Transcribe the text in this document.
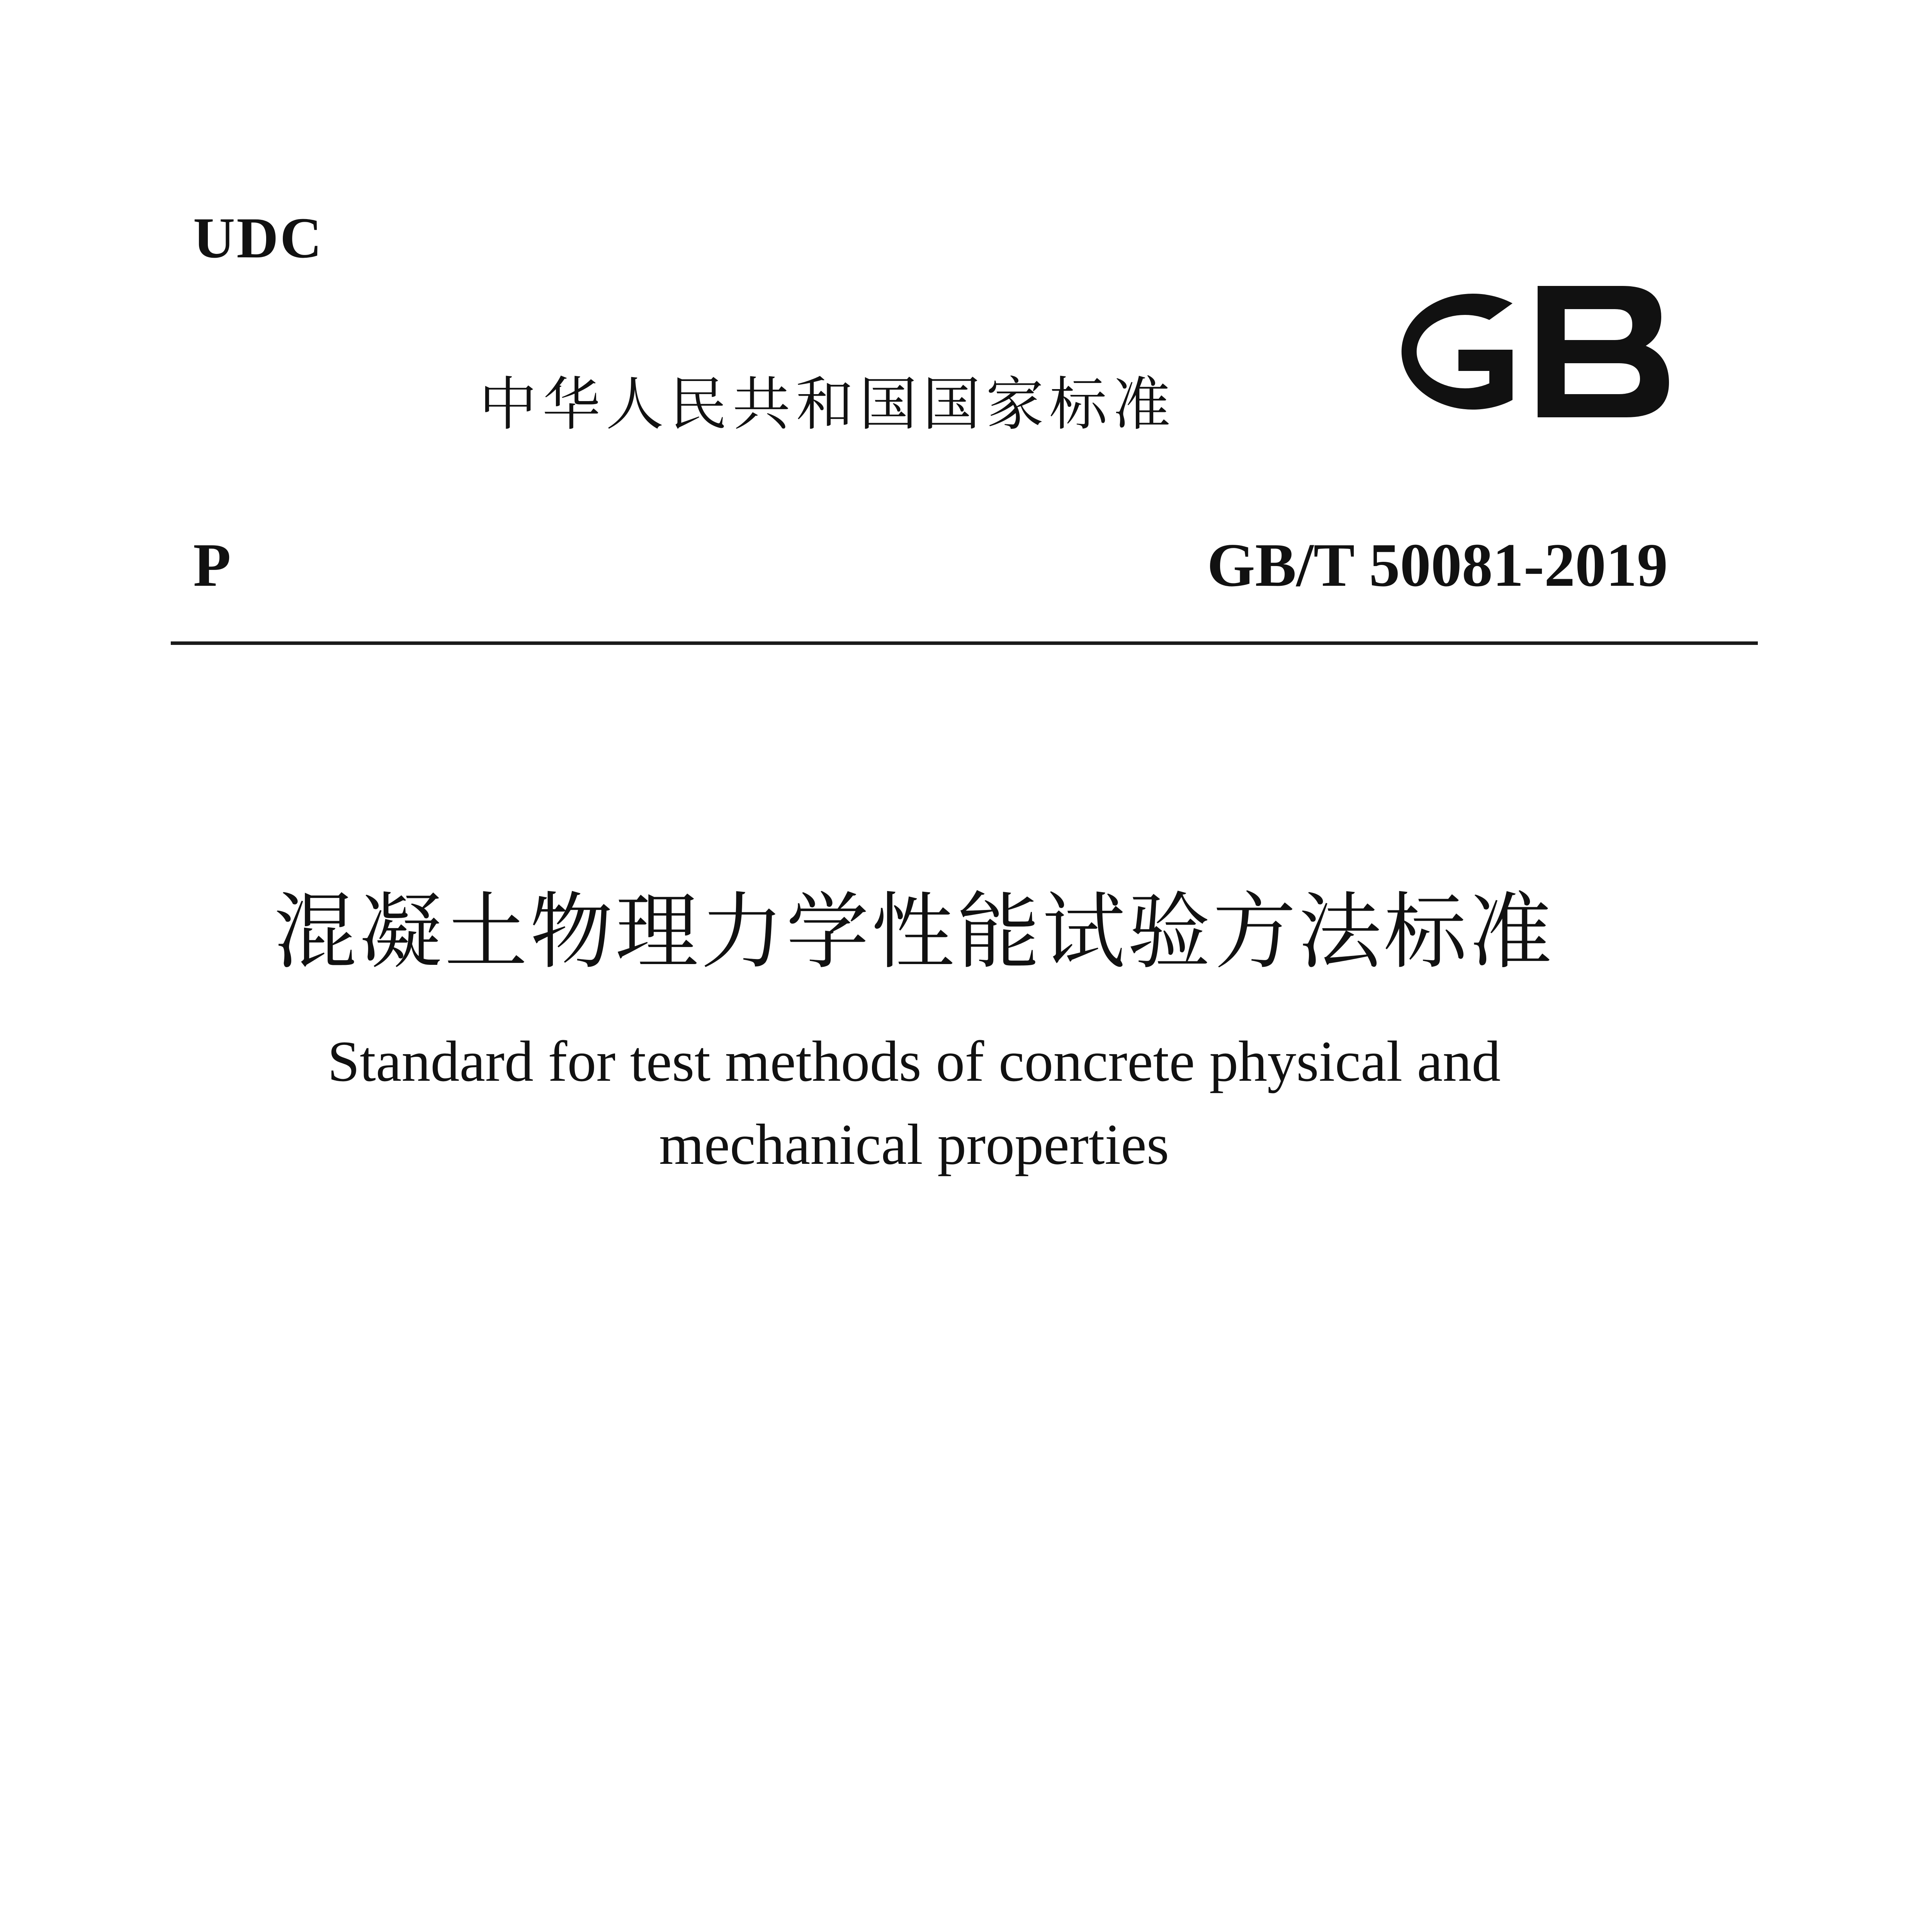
UDC
中华人民共和国国家标准
P	GB/T 50081-2019
混凝土物理力学性能试验方法标准
Standard for test methods of concrete physical and
mechanical properties
